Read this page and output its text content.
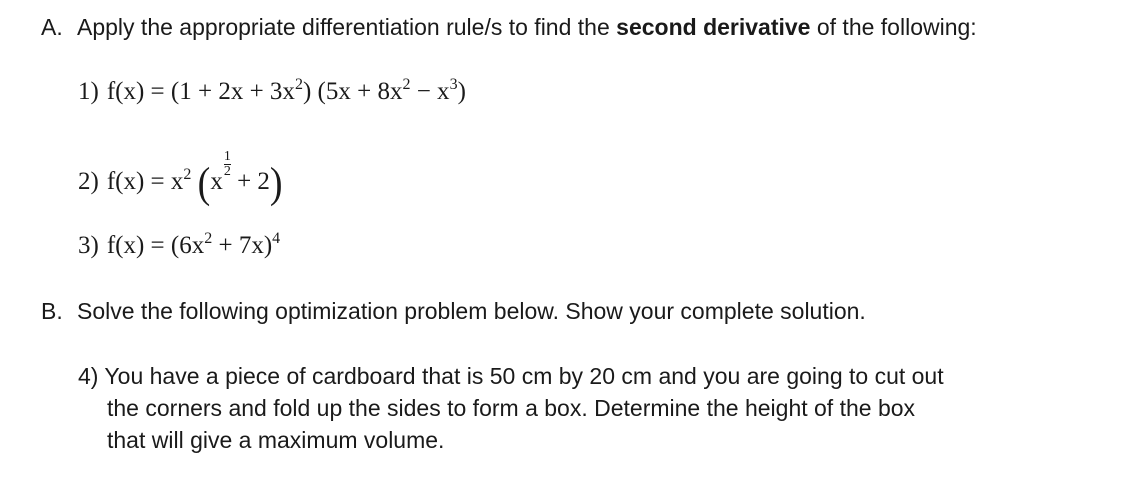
A. Apply the appropriate differentiation rule/s to find the second derivative of the following:
1) $f(x) = (1 + 2x + 3x^2)$ $(5x + 8x^2 - x^3)$
2) $f(x) = x^2$ (x
$\frac{1}{2}$
+ 2)
3) $f(x) = (6x^2 + 7x)^4$
B. Solve the following optimization problem below. Show your complete solution.
4) You have a piece of cardboard that is 50 cm by 20 cm and you are going to cut out
the corners and fold up the sides to form a box. Determine the height of the box
that will give a maximum volume.
